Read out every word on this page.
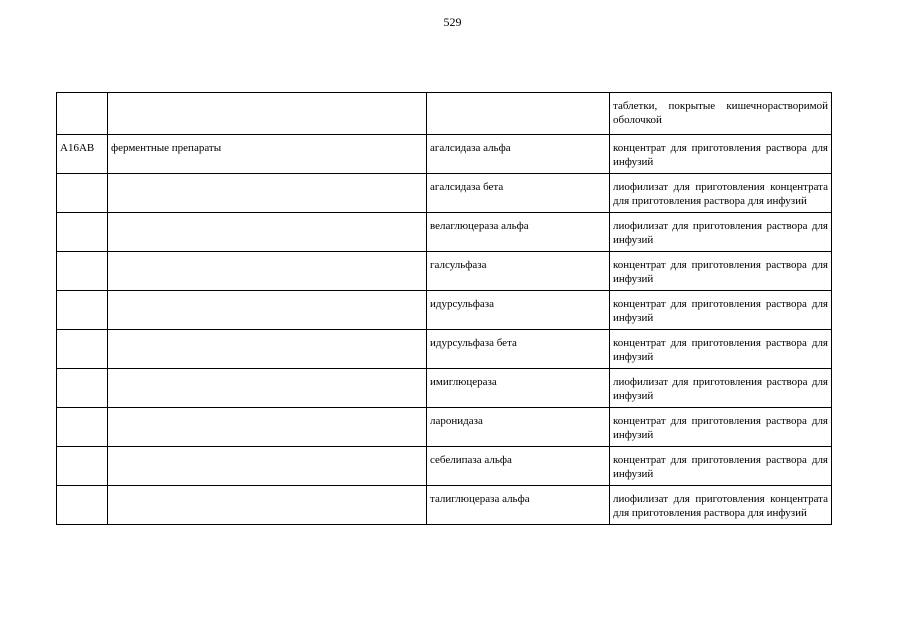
529
			таблетки, покрытые кишечнорастворимой оболочкой
A16AB	ферментные препараты	агалсидаза альфа	концентрат для приготовления раствора для инфузий
		агалсидаза бета	лиофилизат для приготовления концентрата для приготовления раствора для инфузий
		велаглюцераза альфа	лиофилизат для приготовления раствора для инфузий
		галсульфаза	концентрат для приготовления раствора для инфузий
		идурсульфаза	концентрат для приготовления раствора для инфузий
		идурсульфаза бета	концентрат для приготовления раствора для инфузий
		имиглюцераза	лиофилизат для приготовления раствора для инфузий
		ларонидаза	концентрат для приготовления раствора для инфузий
		себелипаза альфа	концентрат для приготовления раствора для инфузий
		талиглюцераза альфа	лиофилизат для приготовления концентрата для приготовления раствора для инфузий
